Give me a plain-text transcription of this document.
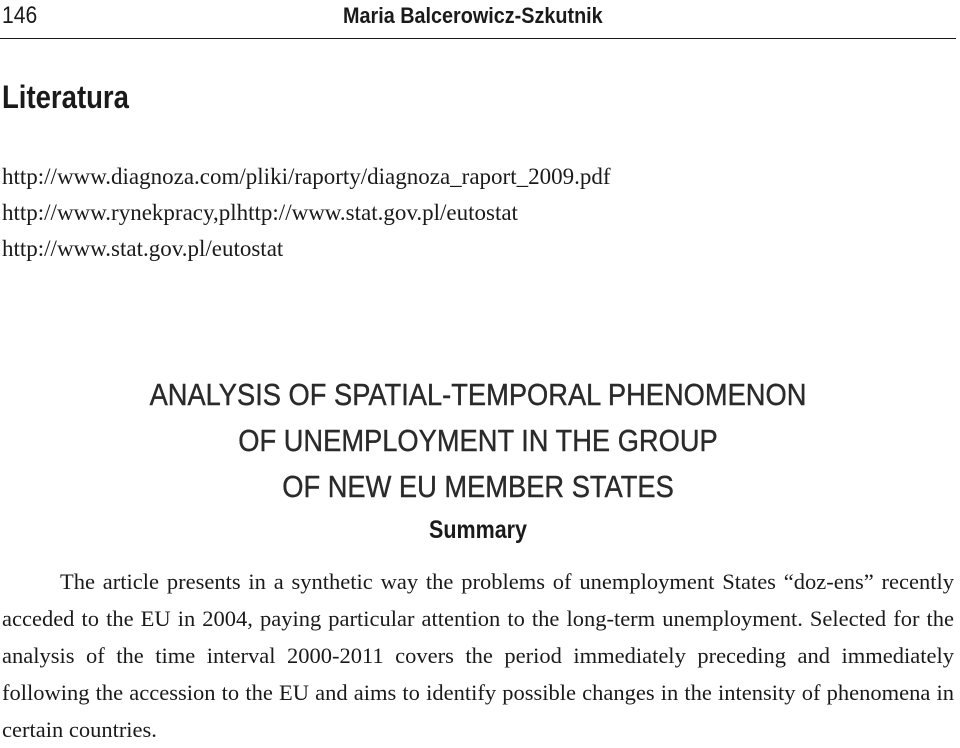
146	Maria Balcerowicz-Szkutnik
Literatura
http://www.diagnoza.com/pliki/raporty/diagnoza_raport_2009.pdf
http://www.rynekpracy,plhttp://www.stat.gov.pl/eutostat
http://www.stat.gov.pl/eutostat
ANALYSIS OF SPATIAL-TEMPORAL PHENOMENON
OF UNEMPLOYMENT IN THE GROUP
OF NEW EU MEMBER STATES
Summary

The article presents in a synthetic way the problems of unemployment States “doz-ens” recently acceded to the EU in 2004, paying particular attention to the long-term unemployment. Selected for the analysis of the time interval 2000-2011 covers the period immediately preceding and immediately following the accession to the EU and aims to identify possible changes in the intensity of phenomena in certain countries.
